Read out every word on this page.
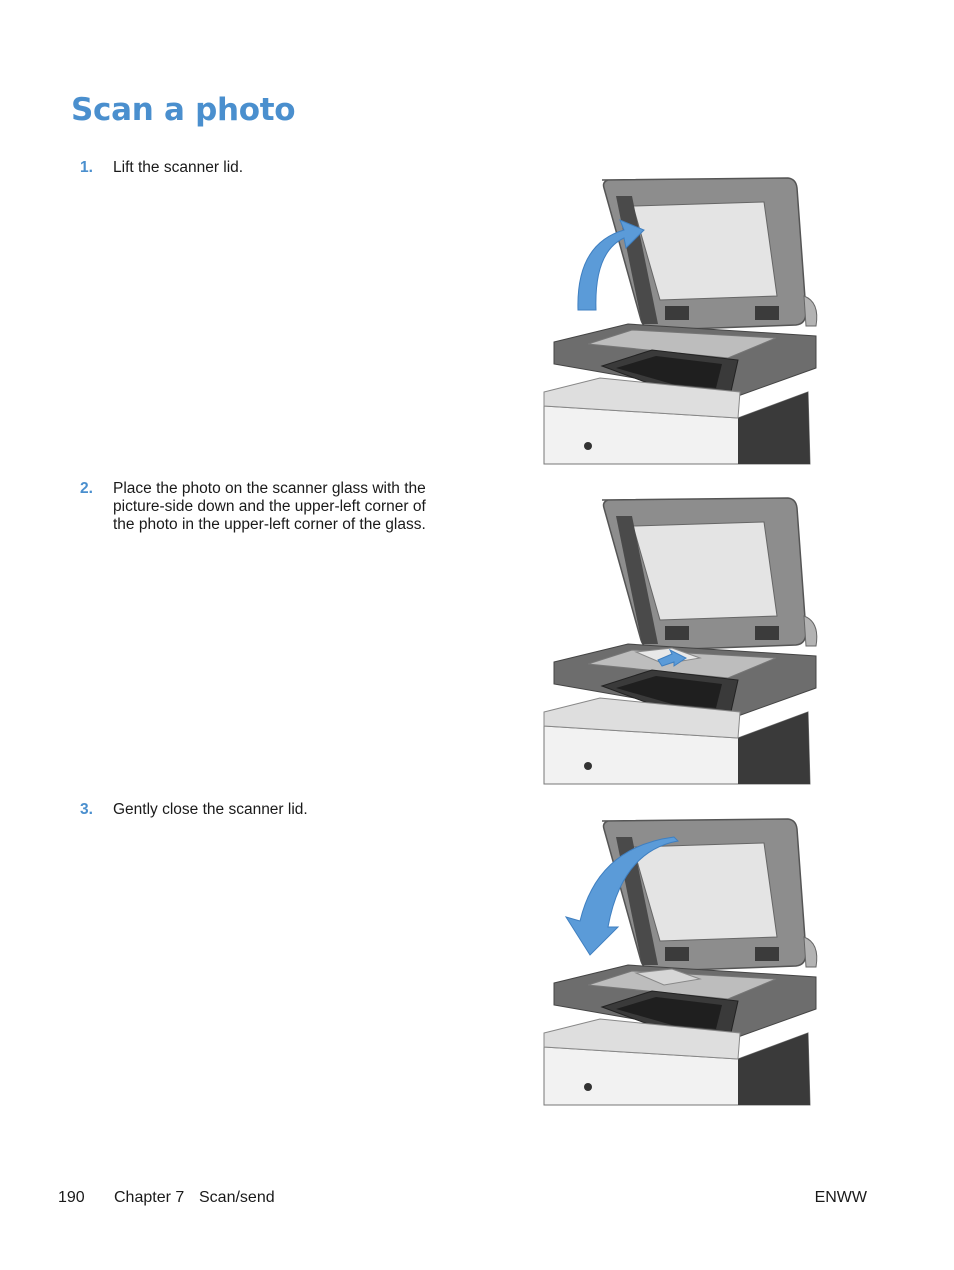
Scan a photo
1. Lift the scanner lid.
2. Place the photo on the scanner glass with the picture-side down and the upper-left corner of the photo in the upper-left corner of the glass.
3. Gently close the scanner lid.
190 Chapter 7 Scan/send	ENWW
